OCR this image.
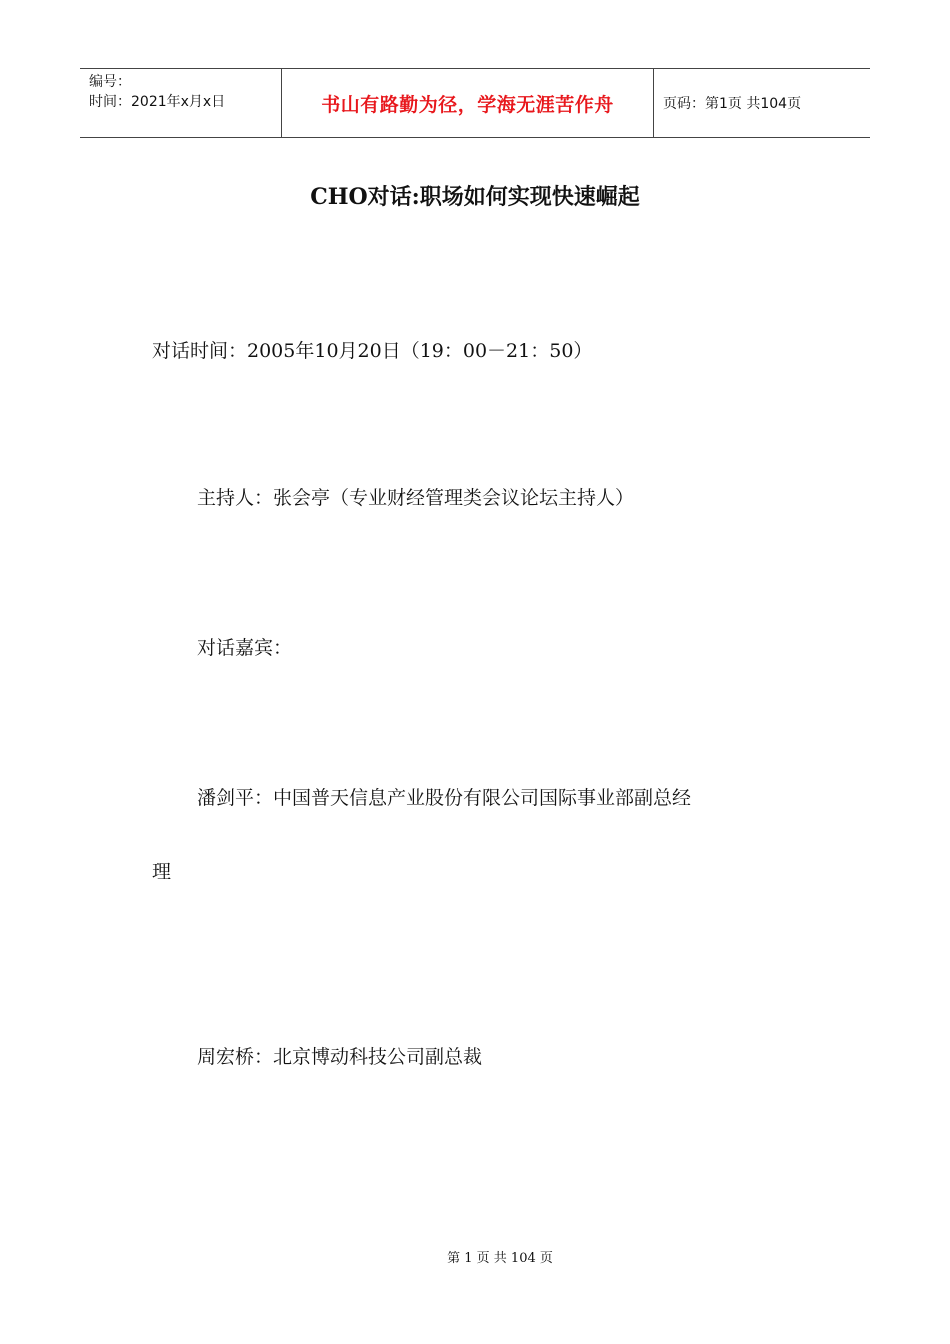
编号：
时间：2021年x月x日	书山有路勤为径，学海无涯苦作舟	页码：第1页 共104页
CHO对话:职场如何实现快速崛起
对话时间：2005年10月20日（19：00－21：50）
主持人：张会亭（专业财经管理类会议论坛主持人）
对话嘉宾：
潘剑平：中国普天信息产业股份有限公司国际事业部副总经
理
周宏桥：北京博动科技公司副总裁
第 1 页 共 104 页
